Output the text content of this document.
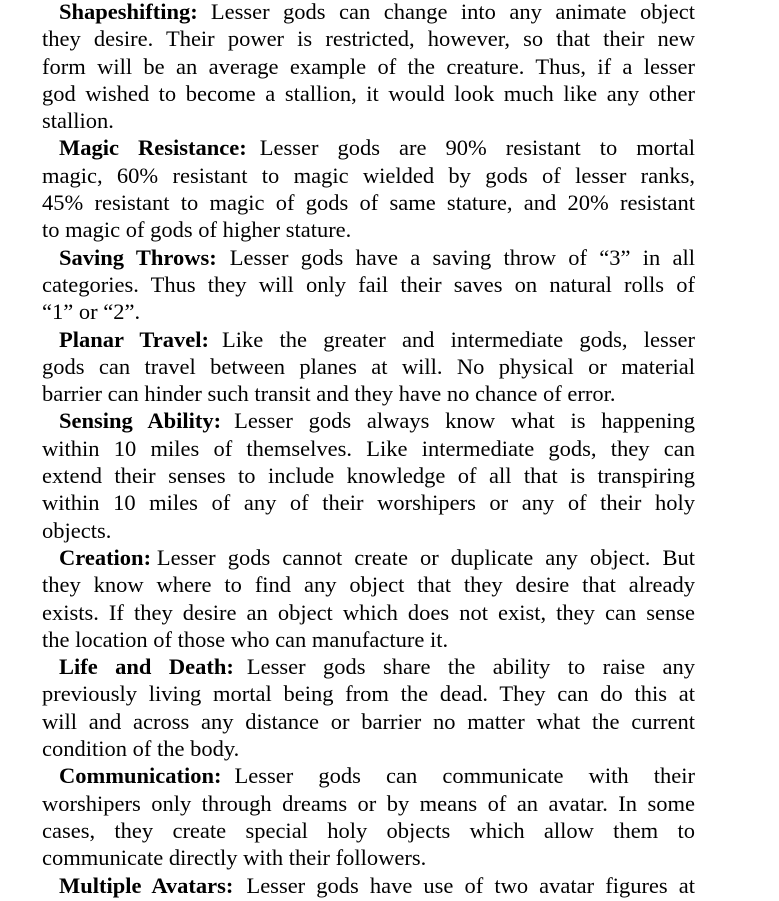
Shapeshifting: Lesser gods can change into any animate object
they desire. Their power is restricted, however, so that their new
form will be an average example of the creature. Thus, if a lesser
god wished to become a stallion, it would look much like any other
stallion.

Magic Resistance: Lesser gods are 90% resistant to mortal
magic, 60% resistant to magic wielded by gods of lesser ranks,
45% resistant to magic of gods of same stature, and 20% resistant
to magic of gods of higher stature.

Saving Throws: Lesser gods have a saving throw of “3” in all
categories. Thus they will only fail their saves on natural rolls of
“1” or “2”.

Planar Travel: Like the greater and intermediate gods, lesser
gods can travel between planes at will. No physical or material
barrier can hinder such transit and they have no chance of error.

Sensing Ability: Lesser gods always know what is happening
within 10 miles of themselves. Like intermediate gods, they can
extend their senses to include knowledge of all that is transpiring
within 10 miles of any of their worshipers or any of their holy
objects.

Creation: Lesser gods cannot create or duplicate any object. But
they know where to find any object that they desire that already
exists. If they desire an object which does not exist, they can sense
the location of those who can manufacture it.

Life and Death: Lesser gods share the ability to raise any
previously living mortal being from the dead. They can do this at
will and across any distance or barrier no matter what the current
condition of the body.

Communication: Lesser gods can communicate with their
worshipers only through dreams or by means of an avatar. In some
cases, they create special holy objects which allow them to
communicate directly with their followers.

Multiple Avatars: Lesser gods have use of two avatar figures at
